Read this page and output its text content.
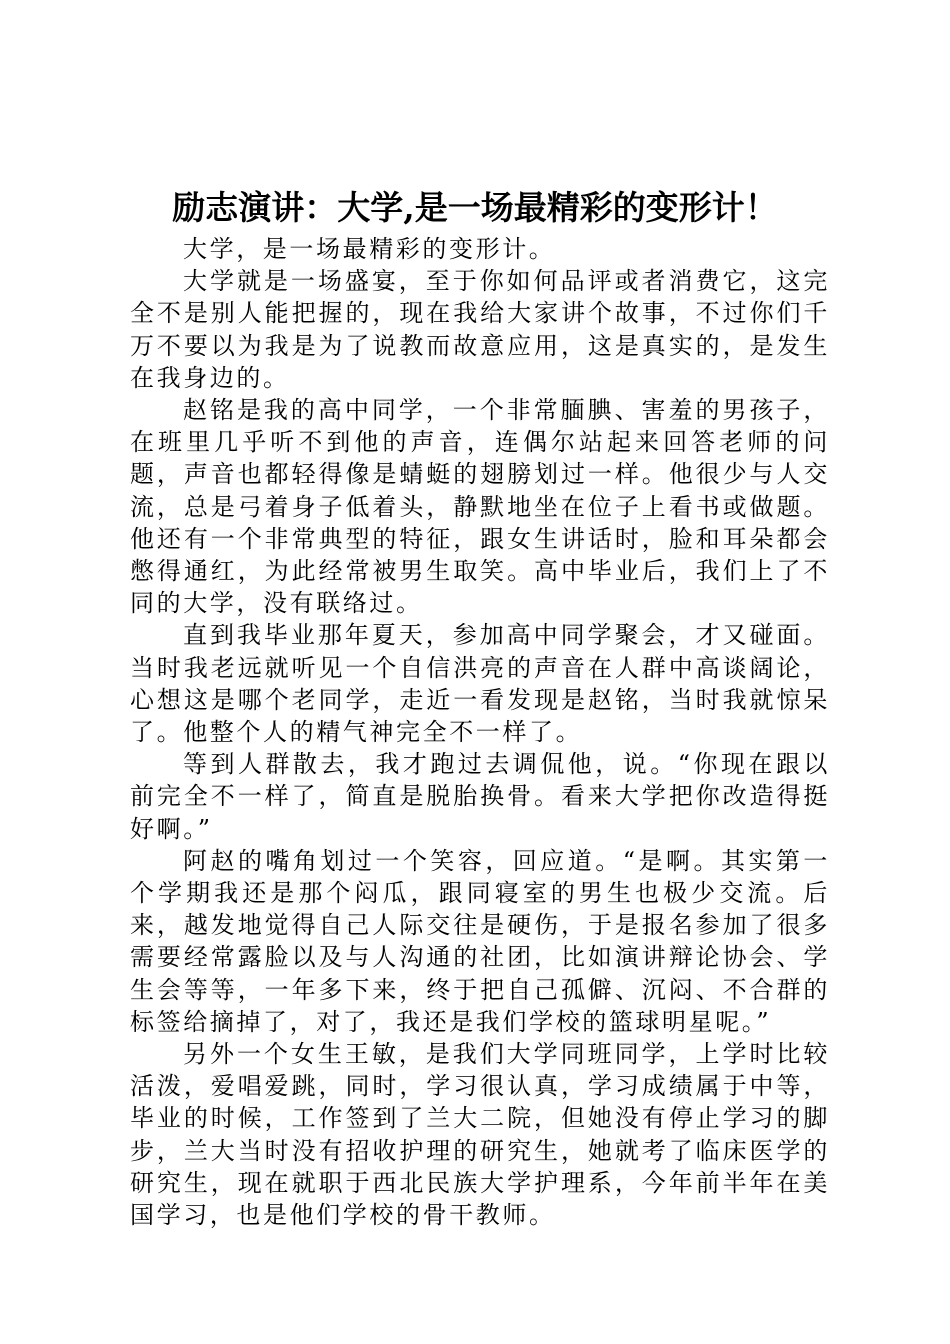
励志演讲：大学,是一场最精彩的变形计！

大学，是一场最精彩的变形计。

大学就是一场盛宴，至于你如何品评或者消费它，这完全不是别人能把握的，现在我给大家讲个故事，不过你们千万不要以为我是为了说教而故意应用，这是真实的，是发生在我身边的。

赵铭是我的高中同学，一个非常腼腆、害羞的男孩子，在班里几乎听不到他的声音，连偶尔站起来回答老师的问题，声音也都轻得像是蜻蜓的翅膀划过一样。他很少与人交流，总是弓着身子低着头，静默地坐在位子上看书或做题。他还有一个非常典型的特征，跟女生讲话时，脸和耳朵都会憋得通红，为此经常被男生取笑。高中毕业后，我们上了不同的大学，没有联络过。

直到我毕业那年夏天，参加高中同学聚会，才又碰面。当时我老远就听见一个自信洪亮的声音在人群中高谈阔论，心想这是哪个老同学，走近一看发现是赵铭，当时我就惊呆了。他整个人的精气神完全不一样了。

等到人群散去，我才跑过去调侃他，说。“你现在跟以前完全不一样了，简直是脱胎换骨。看来大学把你改造得挺好啊。”

阿赵的嘴角划过一个笑容，回应道。“是啊。其实第一个学期我还是那个闷瓜，跟同寝室的男生也极少交流。后来，越发地觉得自己人际交往是硬伤，于是报名参加了很多需要经常露脸以及与人沟通的社团，比如演讲辩论协会、学生会等等，一年多下来，终于把自己孤僻、沉闷、不合群的标签给摘掉了，对了，我还是我们学校的篮球明星呢。”

另外一个女生王敏，是我们大学同班同学，上学时比较活泼，爱唱爱跳，同时，学习很认真，学习成绩属于中等，毕业的时候，工作签到了兰大二院，但她没有停止学习的脚步，兰大当时没有招收护理的研究生，她就考了临床医学的研究生，现在就职于西北民族大学护理系，今年前半年在美国学习，也是他们学校的骨干教师。
